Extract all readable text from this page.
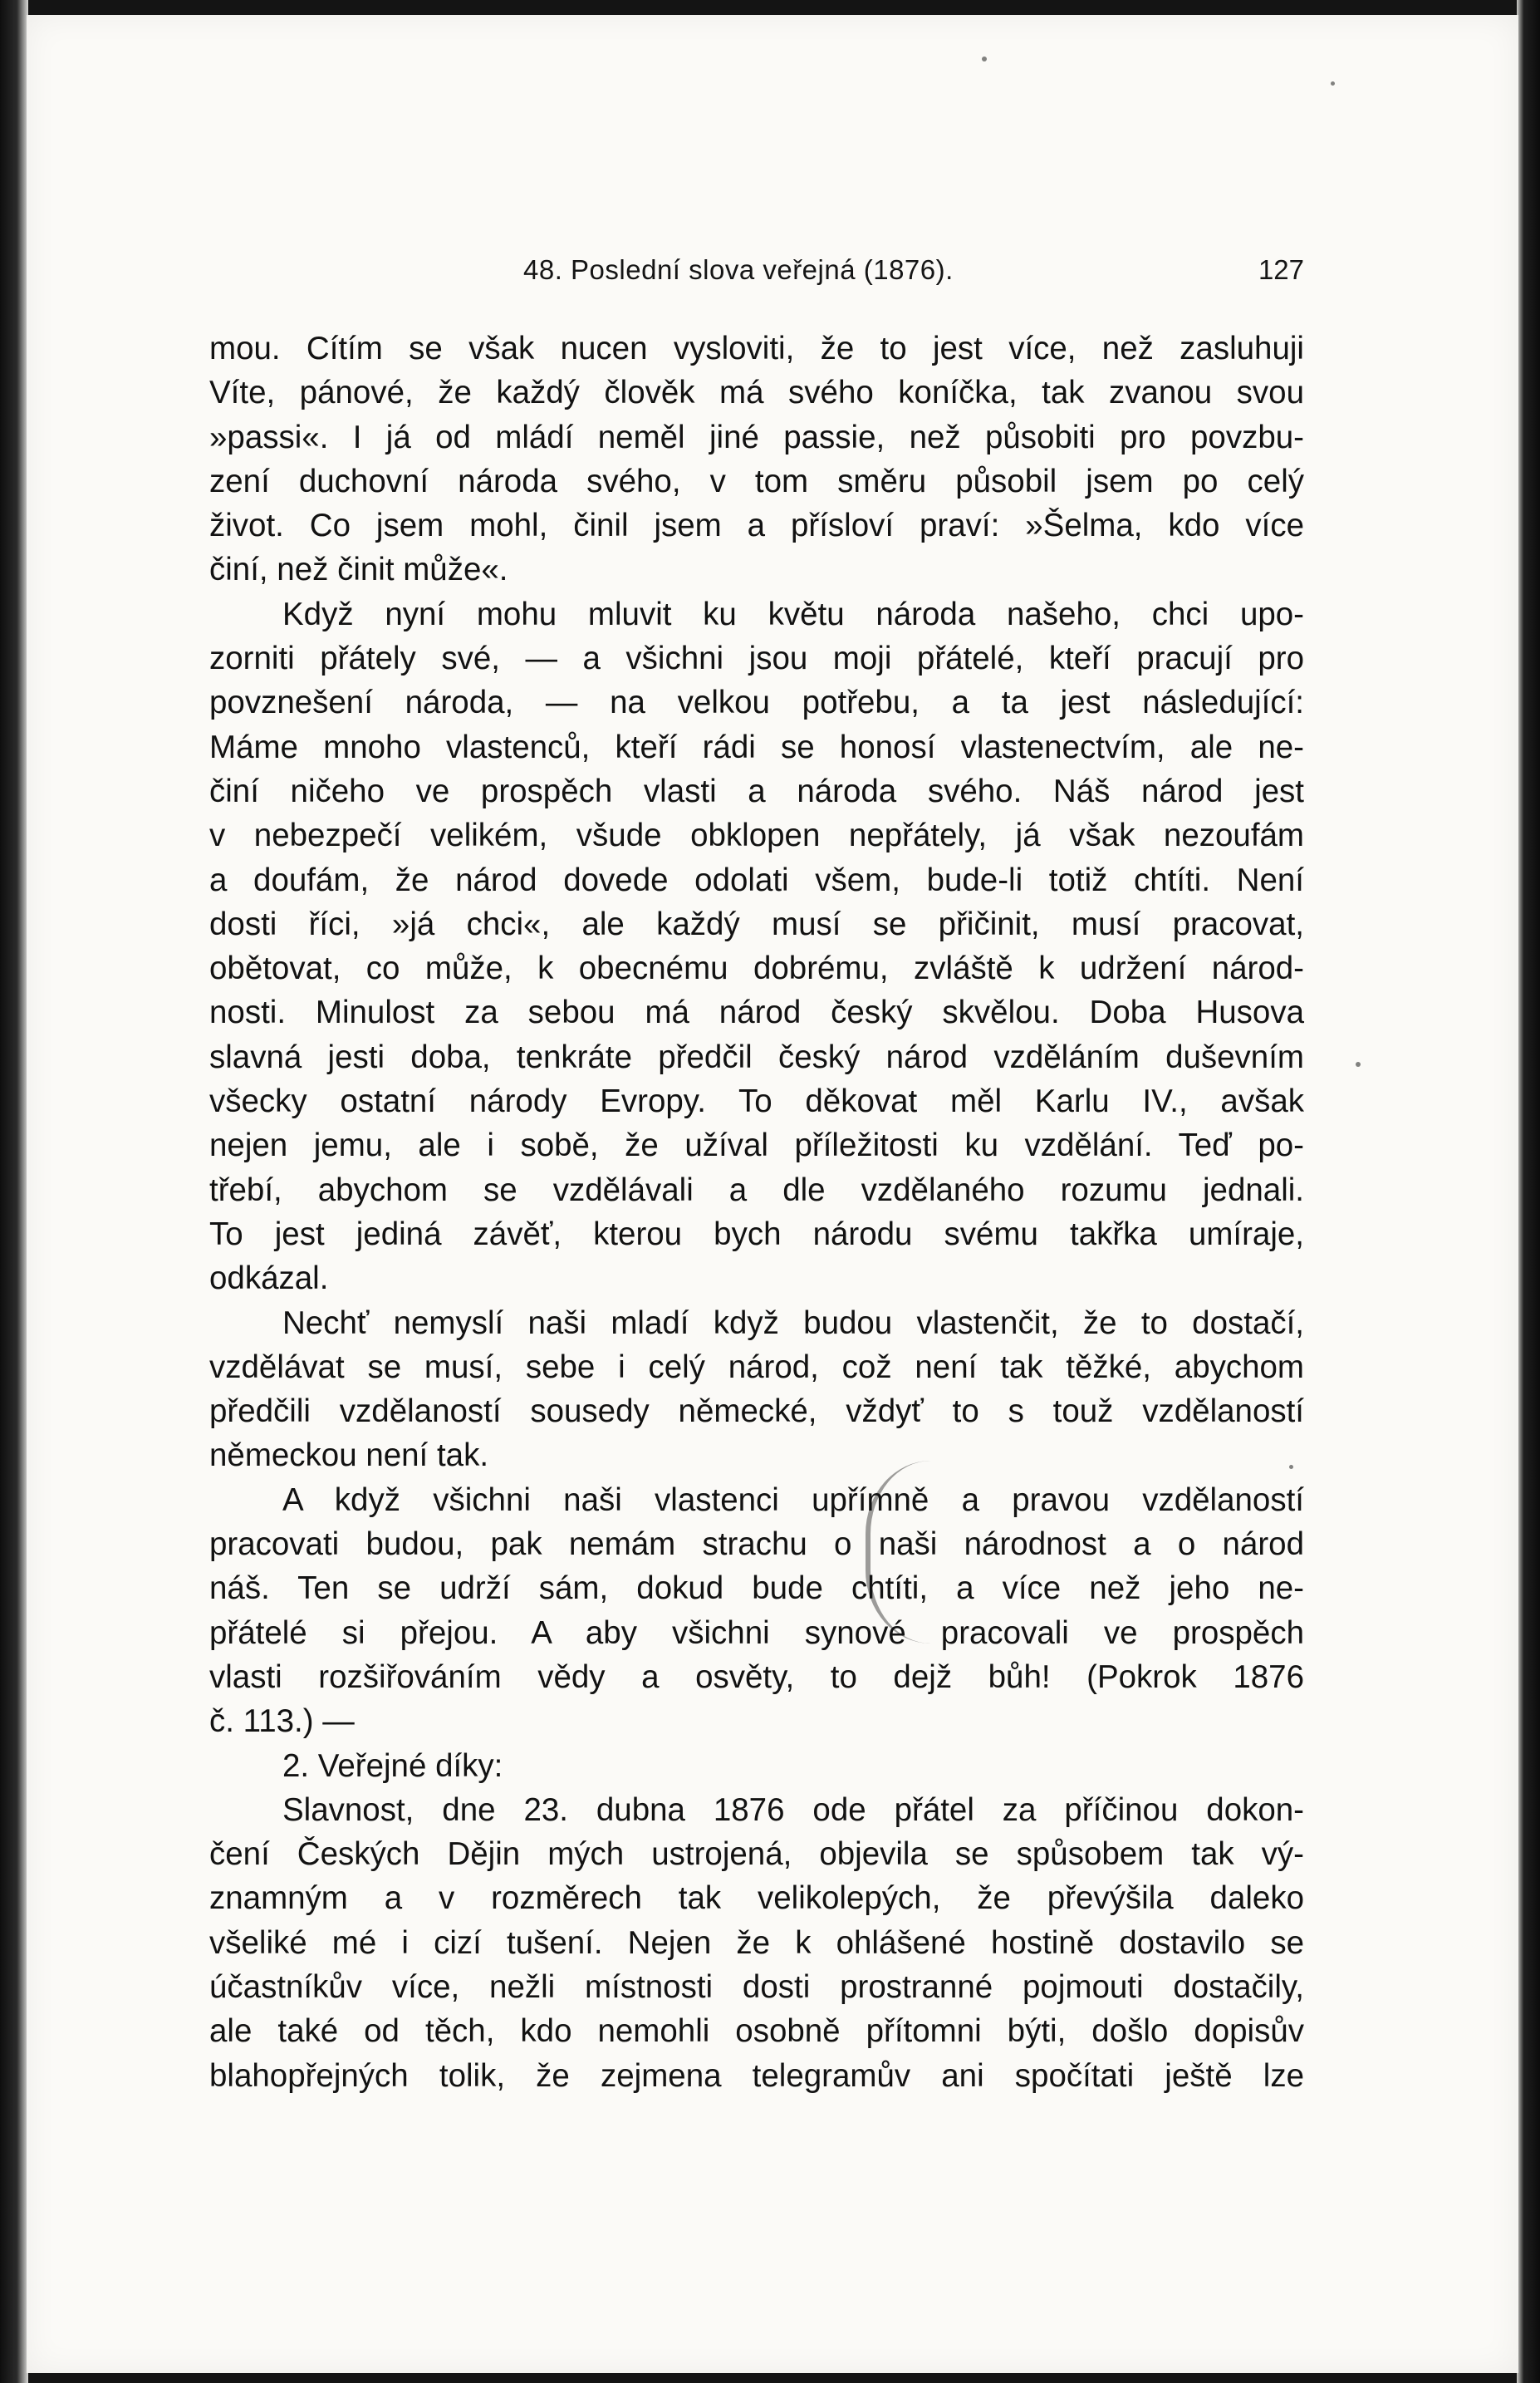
48. Poslední slova veřejná (1876).	127
mou. Cítím se však nucen vysloviti, že to jest více, než zasluhuji
Víte, pánové, že každý člověk má svého koníčka, tak zvanou svou
»passi«. I já od mládí neměl jiné passie, než působiti pro povzbu-
zení duchovní národa svého, v tom směru působil jsem po celý
život. Co jsem mohl, činil jsem a přísloví praví: »Šelma, kdo více
činí, než činit může«.
Když nyní mohu mluvit ku květu národa našeho, chci upo-
zorniti přátely své, — a všichni jsou moji přátelé, kteří pracují pro
povznešení národa, — na velkou potřebu, a ta jest následující:
Máme mnoho vlastenců, kteří rádi se honosí vlastenectvím, ale ne-
činí ničeho ve prospěch vlasti a národa svého. Náš národ jest
v nebezpečí velikém, všude obklopen nepřátely, já však nezoufám
a doufám, že národ dovede odolati všem, bude-li totiž chtíti. Není
dosti říci, »já chci«, ale každý musí se přičinit, musí pracovat,
obětovat, co může, k obecnému dobrému, zvláště k udržení národ-
nosti. Minulost za sebou má národ český skvělou. Doba Husova
slavná jesti doba, tenkráte předčil český národ vzděláním duševním
všecky ostatní národy Evropy. To děkovat měl Karlu IV., avšak
nejen jemu, ale i sobě, že užíval příležitosti ku vzdělání. Teď po-
třebí, abychom se vzdělávali a dle vzdělaného rozumu jednali.
To jest jediná závěť, kterou bych národu svému takřka umíraje,
odkázal.
Nechť nemyslí naši mladí když budou vlastenčit, že to dostačí,
vzdělávat se musí, sebe i celý národ, což není tak těžké, abychom
předčili vzdělaností sousedy německé, vždyť to s touž vzdělaností
německou není tak.
A když všichni naši vlastenci upřímně a pravou vzdělaností
pracovati budou, pak nemám strachu o naši národnost a o národ
náš. Ten se udrží sám, dokud bude chtíti, a více než jeho ne-
přátelé si přejou. A aby všichni synové pracovali ve prospěch
vlasti rozšiřováním vědy a osvěty, to dejž bůh! (Pokrok 1876
č. 113.) —
2. Veřejné díky:
Slavnost, dne 23. dubna 1876 ode přátel za příčinou dokon-
čení Českých Dějin mých ustrojená, objevila se spůsobem tak vý-
znamným a v rozměrech tak velikolepých, že převýšila daleko
všeliké mé i cizí tušení. Nejen že k ohlášené hostině dostavilo se
účastníkův více, nežli místnosti dosti prostranné pojmouti dostačily,
ale také od těch, kdo nemohli osobně přítomni býti, došlo dopisův
blahopřejných tolik, že zejmena telegramův ani spočítati ještě lze
